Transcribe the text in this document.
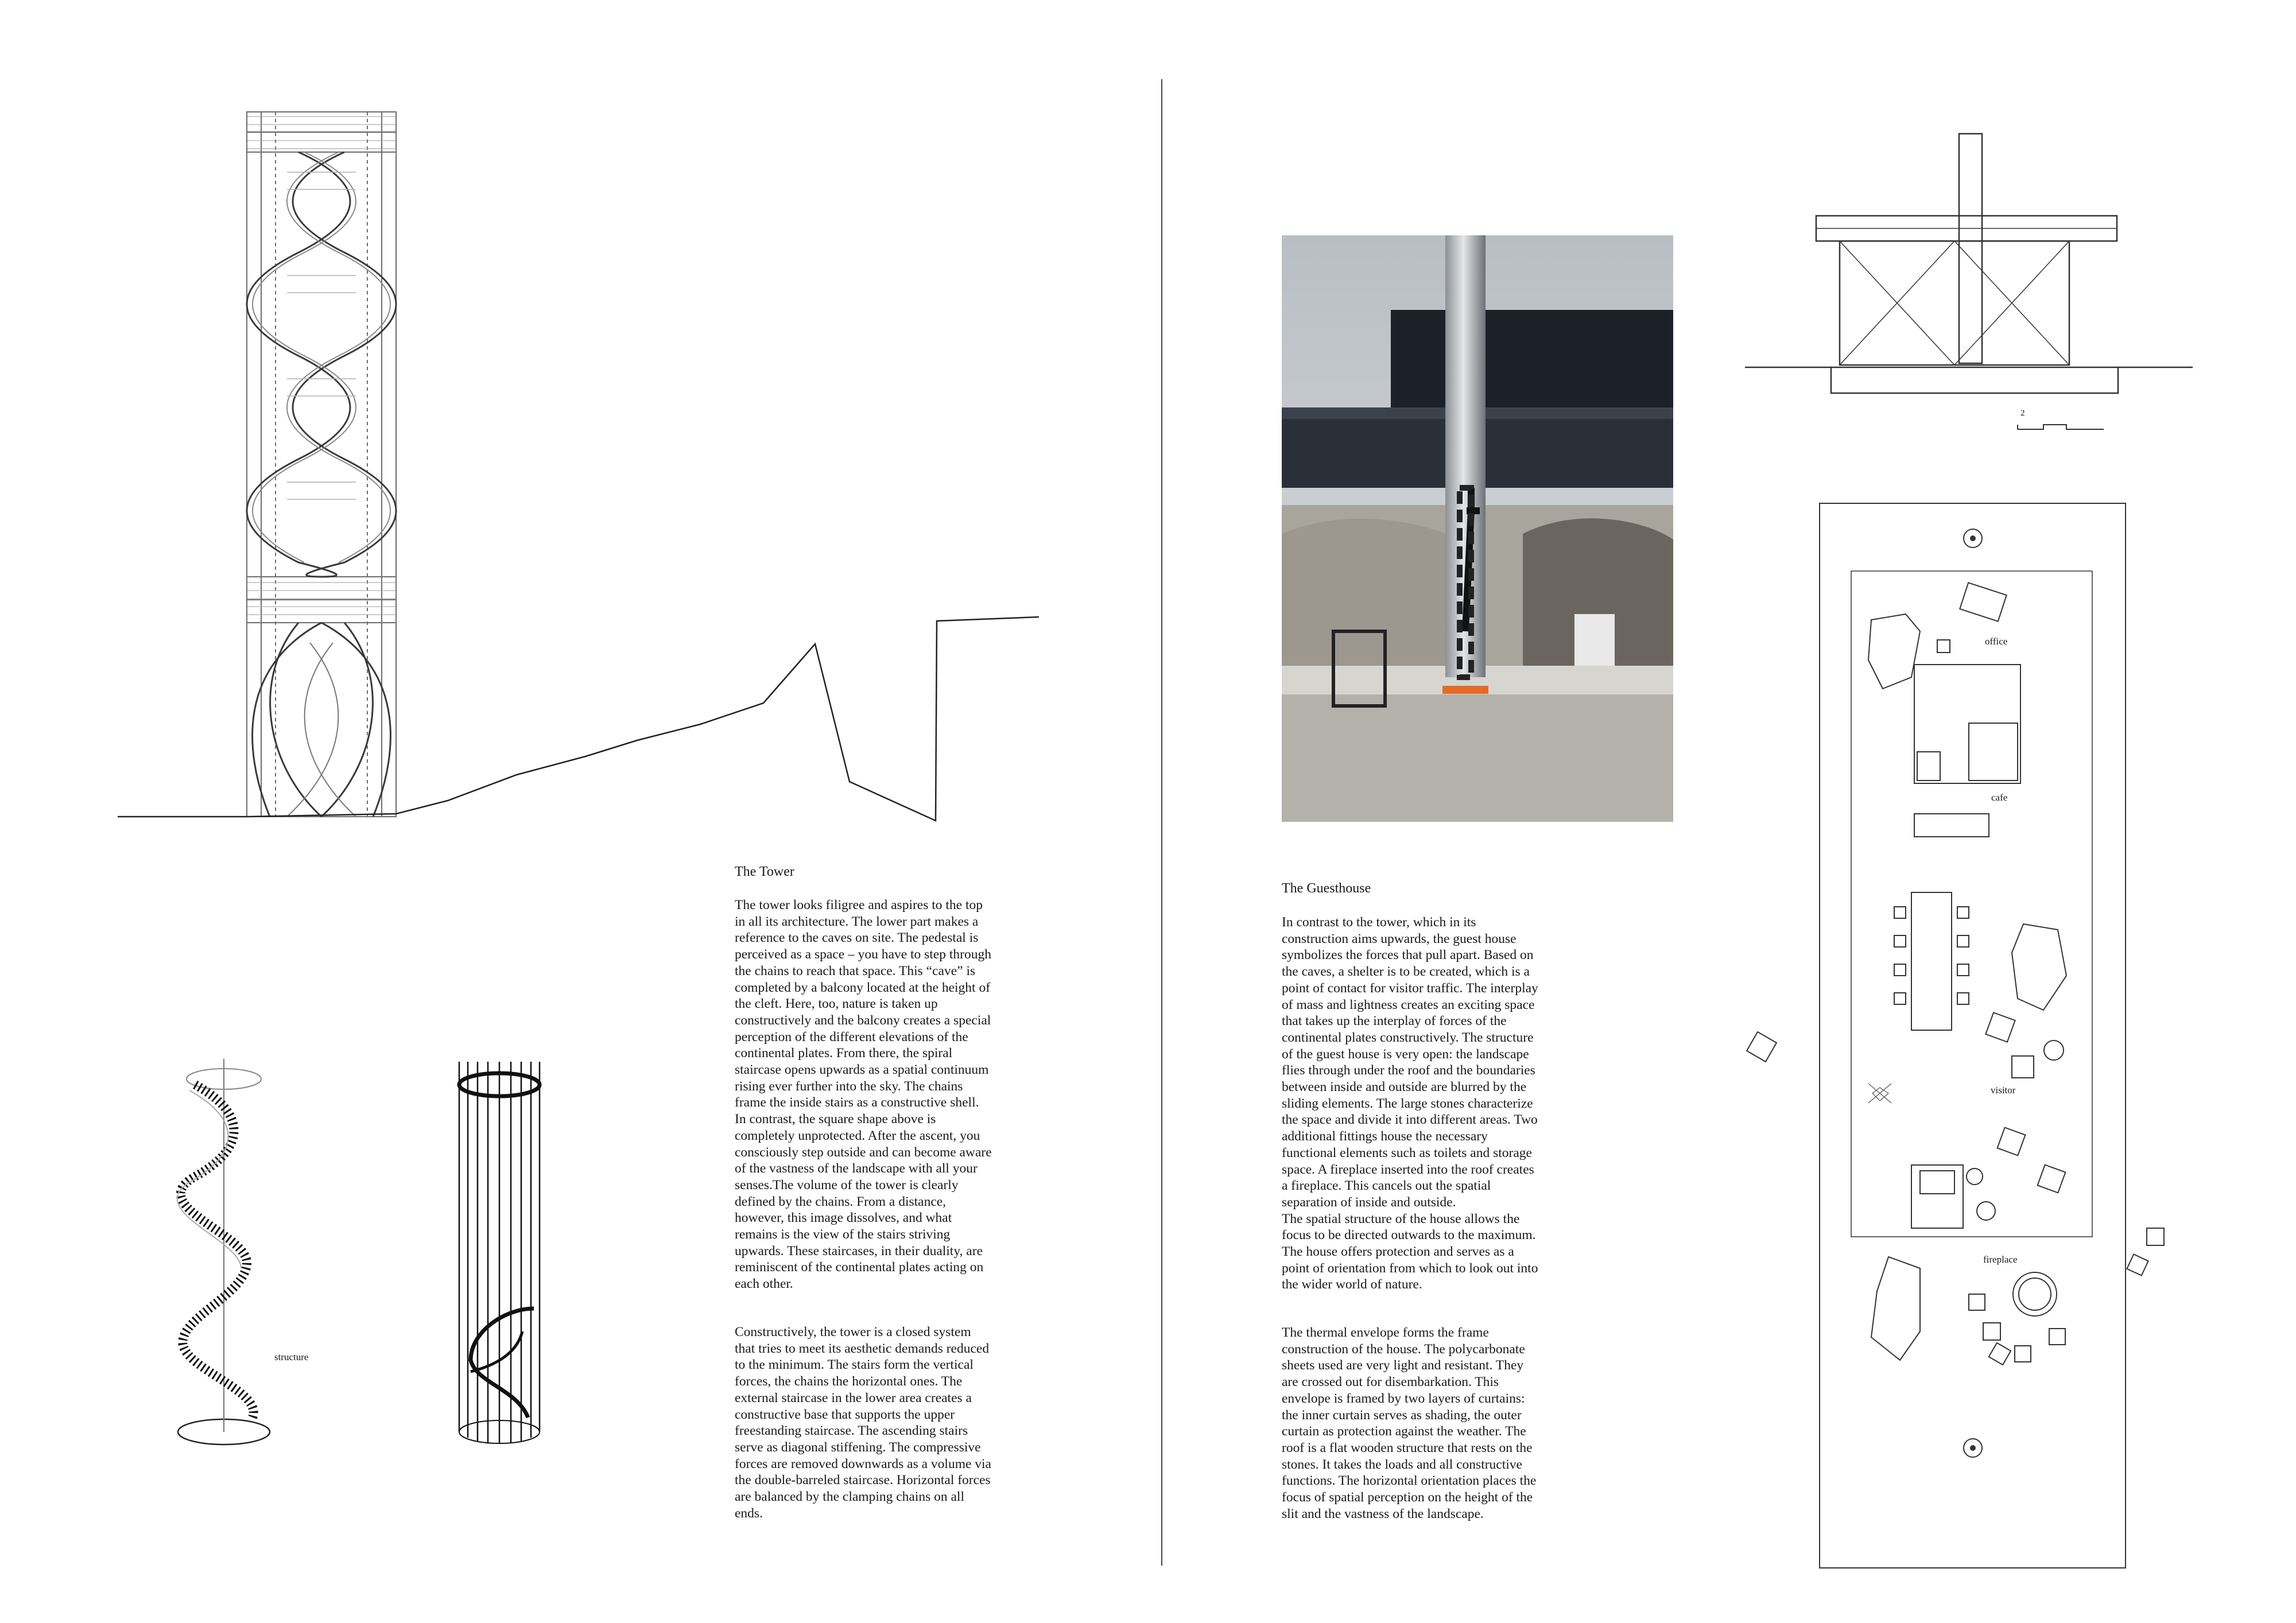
structure
The Tower
The tower looks filigree and aspires to the top
in all its architecture. The lower part makes a
reference to the caves on site. The pedestal is
perceived as a space – you have to step through
the chains to reach that space. This “cave” is
completed by a balcony located at the height of
the cleft. Here, too, nature is taken up
constructively and the balcony creates a special
perception of the different elevations of the
continental plates. From there, the spiral
staircase opens upwards as a spatial continuum
rising ever further into the sky. The chains
frame the inside stairs as a constructive shell.
In contrast, the square shape above is
completely unprotected. After the ascent, you
consciously step outside and can become aware
of the vastness of the landscape with all your
senses.The volume of the tower is clearly
defined by the chains. From a distance,
however, this image dissolves, and what
remains is the view of the stairs striving
upwards. These staircases, in their duality, are
reminiscent of the continental plates acting on
each other.
Constructively, the tower is a closed system
that tries to meet its aesthetic demands reduced
to the minimum. The stairs form the vertical
forces, the chains the horizontal ones. The
external staircase in the lower area creates a
constructive base that supports the upper
freestanding staircase. The ascending stairs
serve as diagonal stiffening. The compressive
forces are removed downwards as a volume via
the double-barreled staircase. Horizontal forces
are balanced by the clamping chains on all
ends.
The Guesthouse
In contrast to the tower, which in its
construction aims upwards, the guest house
symbolizes the forces that pull apart. Based on
the caves, a shelter is to be created, which is a
point of contact for visitor traffic. The interplay
of mass and lightness creates an exciting space
that takes up the interplay of forces of the
continental plates constructively. The structure
of the guest house is very open: the landscape
flies through under the roof and the boundaries
between inside and outside are blurred by the
sliding elements. The large stones characterize
the space and divide it into different areas. Two
additional fittings house the necessary
functional elements such as toilets and storage
space. A fireplace inserted into the roof creates
a fireplace. This cancels out the spatial
separation of inside and outside.
The spatial structure of the house allows the
focus to be directed outwards to the maximum.
The house offers protection and serves as a
point of orientation from which to look out into
the wider world of nature.
The thermal envelope forms the frame
construction of the house. The polycarbonate
sheets used are very light and resistant. They
are crossed out for disembarkation. This
envelope is framed by two layers of curtains:
the inner curtain serves as shading, the outer
curtain as protection against the weather. The
roof is a flat wooden structure that rests on the
stones. It takes the loads and all constructive
functions. The horizontal orientation places the
focus of spatial perception on the height of the
slit and the vastness of the landscape.
2
office
cafe
visitor
fireplace
